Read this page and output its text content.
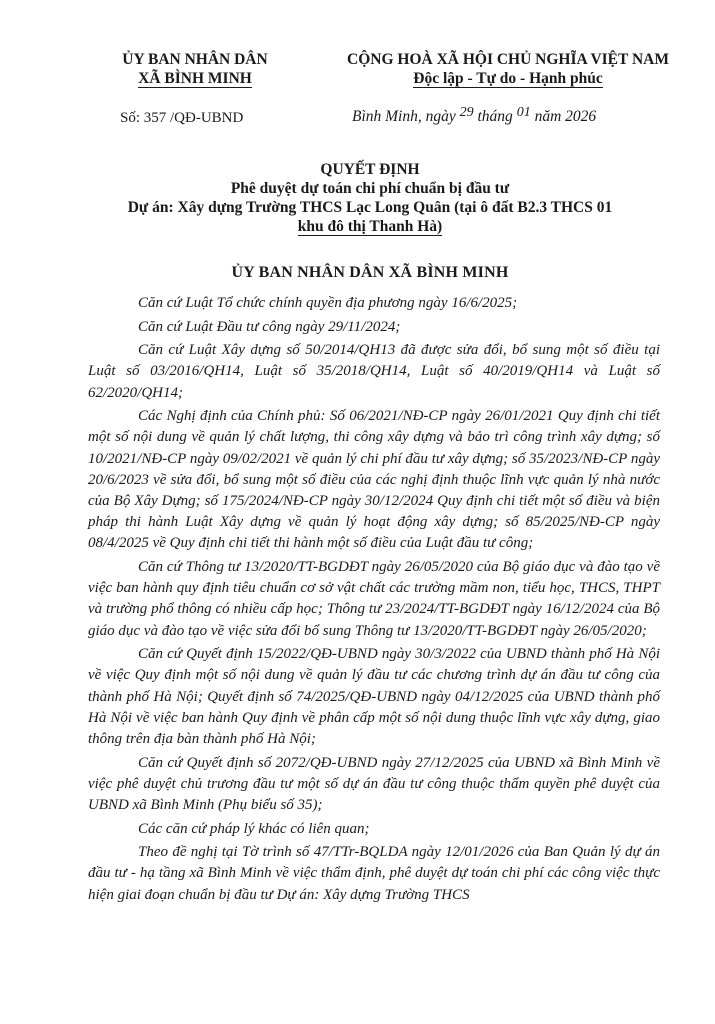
ỦY BAN NHÂN DÂN
XÃ BÌNH MINH
CỘNG HOÀ XÃ HỘI CHỦ NGHĨA VIỆT NAM
Độc lập - Tự do - Hạnh phúc
Số: 357 /QĐ-UBND	Bình Minh, ngày 29 tháng 01 năm 2026
QUYẾT ĐỊNH
Phê duyệt dự toán chi phí chuẩn bị đầu tư
Dự án: Xây dựng Trường THCS Lạc Long Quân (tại ô đất B2.3 THCS 01
khu đô thị Thanh Hà)
ỦY BAN NHÂN DÂN XÃ BÌNH MINH

Căn cứ Luật Tổ chức chính quyền địa phương ngày 16/6/2025;

Căn cứ Luật Đầu tư công ngày 29/11/2024;

Căn cứ Luật Xây dựng số 50/2014/QH13 đã được sửa đổi, bổ sung một số điều tại Luật số 03/2016/QH14, Luật số 35/2018/QH14, Luật số 40/2019/QH14 và Luật số 62/2020/QH14;

Các Nghị định của Chính phủ: Số 06/2021/NĐ-CP ngày 26/01/2021 Quy định chi tiết một số nội dung về quản lý chất lượng, thi công xây dựng và bảo trì công trình xây dựng; số 10/2021/NĐ-CP ngày 09/02/2021 về quản lý chi phí đầu tư xây dựng; số 35/2023/NĐ-CP ngày 20/6/2023 về sửa đổi, bổ sung một số điều của các nghị định thuộc lĩnh vực quản lý nhà nước của Bộ Xây Dựng; số 175/2024/NĐ-CP ngày 30/12/2024 Quy định chi tiết một số điều và biện pháp thi hành Luật Xây dựng về quản lý hoạt động xây dựng; số 85/2025/NĐ-CP ngày 08/4/2025 về Quy định chi tiết thi hành một số điều của Luật đầu tư công;

Căn cứ Thông tư 13/2020/TT-BGDĐT ngày 26/05/2020 của Bộ giáo dục và đào tạo về việc ban hành quy định tiêu chuẩn cơ sở vật chất các trường mầm non, tiểu học, THCS, THPT và trường phổ thông có nhiều cấp học; Thông tư 23/2024/TT-BGDĐT ngày 16/12/2024 của Bộ giáo dục và đào tạo về việc sửa đổi bổ sung Thông tư 13/2020/TT-BGDĐT ngày 26/05/2020;

Căn cứ Quyết định 15/2022/QĐ-UBND ngày 30/3/2022 của UBND thành phố Hà Nội về việc Quy định một số nội dung về quản lý đầu tư các chương trình dự án đầu tư công của thành phố Hà Nội; Quyết định số 74/2025/QĐ-UBND ngày 04/12/2025 của UBND thành phố Hà Nội về việc ban hành Quy định về phân cấp một số nội dung thuộc lĩnh vực xây dựng, giao thông trên địa bàn thành phố Hà Nội;

Căn cứ Quyết định số 2072/QĐ-UBND ngày 27/12/2025 của UBND xã Bình Minh về việc phê duyệt chủ trương đầu tư một số dự án đầu tư công thuộc thẩm quyền phê duyệt của UBND xã Bình Minh (Phụ biểu số 35);

Các căn cứ pháp lý khác có liên quan;

Theo đề nghị tại Tờ trình số 47/TTr-BQLDA ngày 12/01/2026 của Ban Quản lý dự án đầu tư - hạ tầng xã Bình Minh về việc thẩm định, phê duyệt dự toán chi phí các công việc thực hiện giai đoạn chuẩn bị đầu tư Dự án: Xây dựng Trường THCS
